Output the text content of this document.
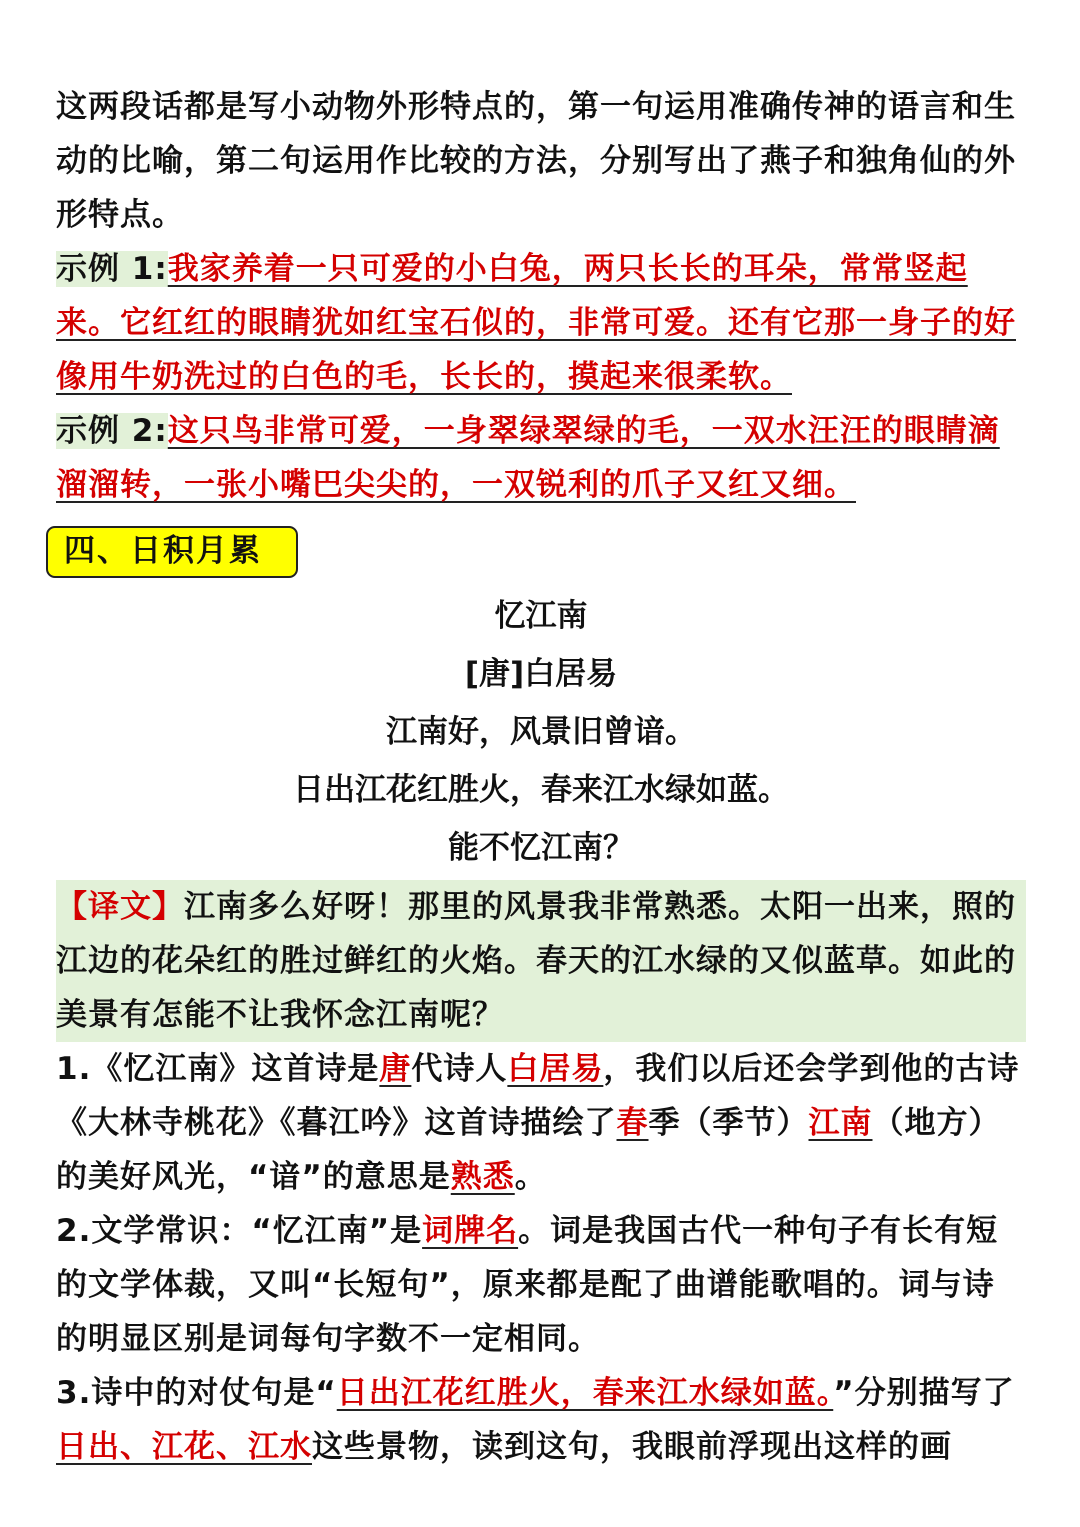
这两段话都是写小动物外形特点的，第一句运用准确传神的语言和生动的比喻，第二句运用作比较的方法，分别写出了燕子和独角仙的外形特点。

示例 1:我家养着一只可爱的小白兔，两只长长的耳朵，常常竖起来。它红红的眼睛犹如红宝石似的，非常可爱。还有它那一身子的好像用牛奶洗过的白色的毛，长长的，摸起来很柔软。

示例 2:这只鸟非常可爱，一身翠绿翠绿的毛，一双水汪汪的眼睛滴溜溜转，一张小嘴巴尖尖的，一双锐利的爪子又红又细。

四、日积月累

忆江南

[唐]白居易

江南好，风景旧曾谙。

日出江花红胜火，春来江水绿如蓝。

能不忆江南？

【译文】江南多么好呀！那里的风景我非常熟悉。太阳一出来，照的江边的花朵红的胜过鲜红的火焰。春天的江水绿的又似蓝草。如此的美景有怎能不让我怀念江南呢？

1.《忆江南》这首诗是唐代诗人白居易，我们以后还会学到他的古诗《大林寺桃花》《暮江吟》这首诗描绘了春季（季节）江南（地方）的美好风光，“谙”的意思是熟悉。

2.文学常识：“忆江南”是词牌名。词是我国古代一种句子有长有短的文学体裁，又叫“长短句”，原来都是配了曲谱能歌唱的。词与诗的明显区别是词每句字数不一定相同。

3.诗中的对仗句是“日出江花红胜火，春来江水绿如蓝。”分别描写了日出、江花、江水这些景物，读到这句，我眼前浮现出这样的画
